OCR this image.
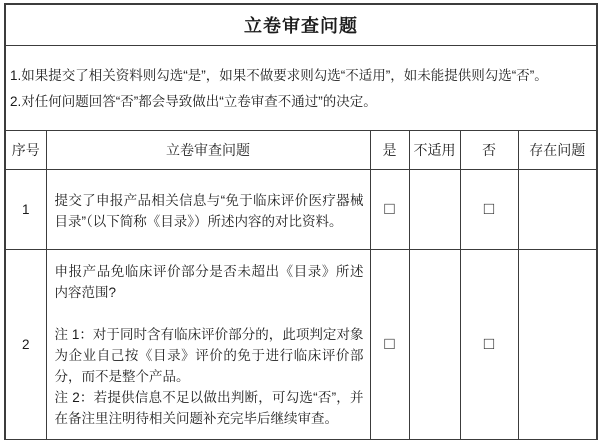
立卷审查问题					

1.如果提交了相关资料则勾选“是”，如果不做要求则勾选“不适用”，如未能提供则勾选“否”。

2.对任何问题回答“否”都会导致做出“立卷审查不通过”的决定。					

序号	立卷审查问题	是	不适用	否	存在问题
1	提交了申报产品相关信息与“免于临床评价医疗器械目录”（以下简称《目录》）所述内容的对比资料。	□		□	
2	申报产品免临床评价部分是否未超出《目录》所述内容范围?

注 1：对于同时含有临床评价部分的，此项判定对象为企业自己按《目录》评价的免于进行临床评价部分，而不是整个产品。

注 2：若提供信息不足以做出判断，可勾选“否”，并在备注里注明待相关问题补充完毕后继续审查。	□		□	
